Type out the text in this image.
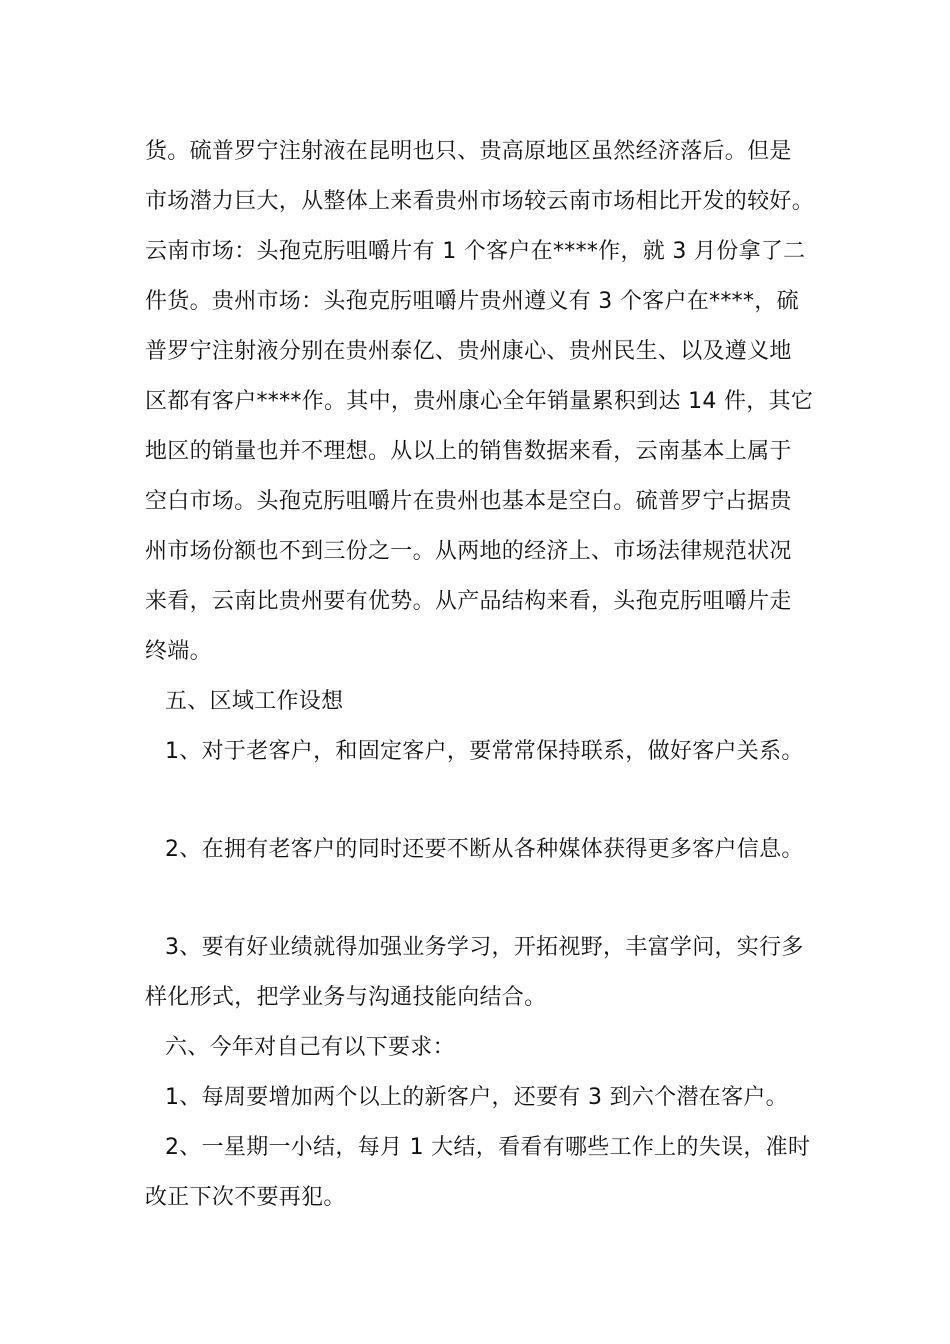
货。硫普罗宁注射液在昆明也只、贵高原地区虽然经济落后。但是
市场潜力巨大，从整体上来看贵州市场较云南市场相比开发的较好。
云南市场：头孢克肟咀嚼片有 1 个客户在****作，就 3 月份拿了二
件货。贵州市场：头孢克肟咀嚼片贵州遵义有 3 个客户在****，硫
普罗宁注射液分别在贵州泰亿、贵州康心、贵州民生、以及遵义地
区都有客户****作。其中，贵州康心全年销量累积到达 14 件，其它
地区的销量也并不理想。从以上的销售数据来看，云南基本上属于
空白市场。头孢克肟咀嚼片在贵州也基本是空白。硫普罗宁占据贵
州市场份额也不到三份之一。从两地的经济上、市场法律规范状况
来看，云南比贵州要有优势。从产品结构来看，头孢克肟咀嚼片走
终端。
五、区域工作设想
1、对于老客户，和固定客户，要常常保持联系，做好客户关系。
2、在拥有老客户的同时还要不断从各种媒体获得更多客户信息。
3、要有好业绩就得加强业务学习，开拓视野，丰富学问，实行多
样化形式，把学业务与沟通技能向结合。
六、今年对自己有以下要求：
1、每周要增加两个以上的新客户，还要有 3 到六个潜在客户。
2、一星期一小结，每月 1 大结，看看有哪些工作上的失误，准时
改正下次不要再犯。
